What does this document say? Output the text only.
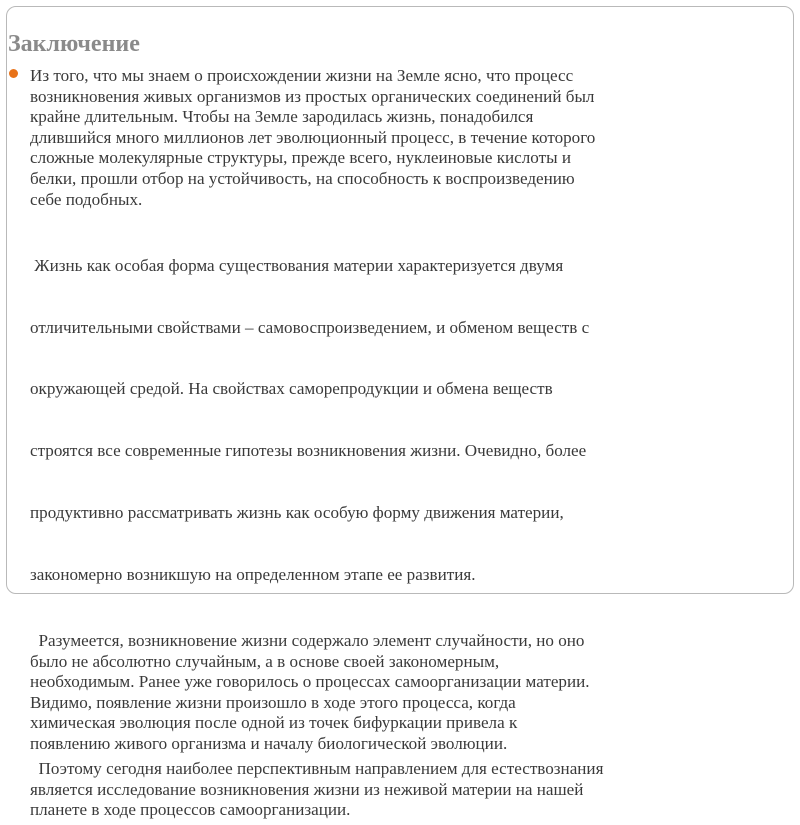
Заключение

Из того, что мы знаем о происхождении жизни на Земле ясно, что процесс
возникновения живых организмов из простых органических соединений был
крайне длительным. Чтобы на Земле зародилась жизнь, понадобился
длившийся много миллионов лет эволюционный процесс, в течение которого
сложные молекулярные структуры, прежде всего, нуклеиновые кислоты и
белки, прошли отбор на устойчивость, на способность к воспроизведению
себе подобных.

Жизнь как особая форма существования материи характеризуется двумя

отличительными свойствами – самовоспроизведением, и обменом веществ с

окружающей средой. На свойствах саморепродукции и обмена веществ

строятся все современные гипотезы возникновения жизни. Очевидно, более

продуктивно рассматривать жизнь как особую форму движения материи,

закономерно возникшую на определенном этапе ее развития.

Разумеется, возникновение жизни содержало элемент случайности, но оно
было не абсолютно случайным, а в основе своей закономерным,
необходимым. Ранее уже говорилось о процессах самоорганизации материи.
Видимо, появление жизни произошло в ходе этого процесса, когда
химическая эволюция после одной из точек бифуркации привела к
появлению живого организма и началу биологической эволюции.

Поэтому сегодня наиболее перспективным направлением для естествознания
является исследование возникновения жизни из неживой материи на нашей
планете в ходе процессов самоорганизации.
